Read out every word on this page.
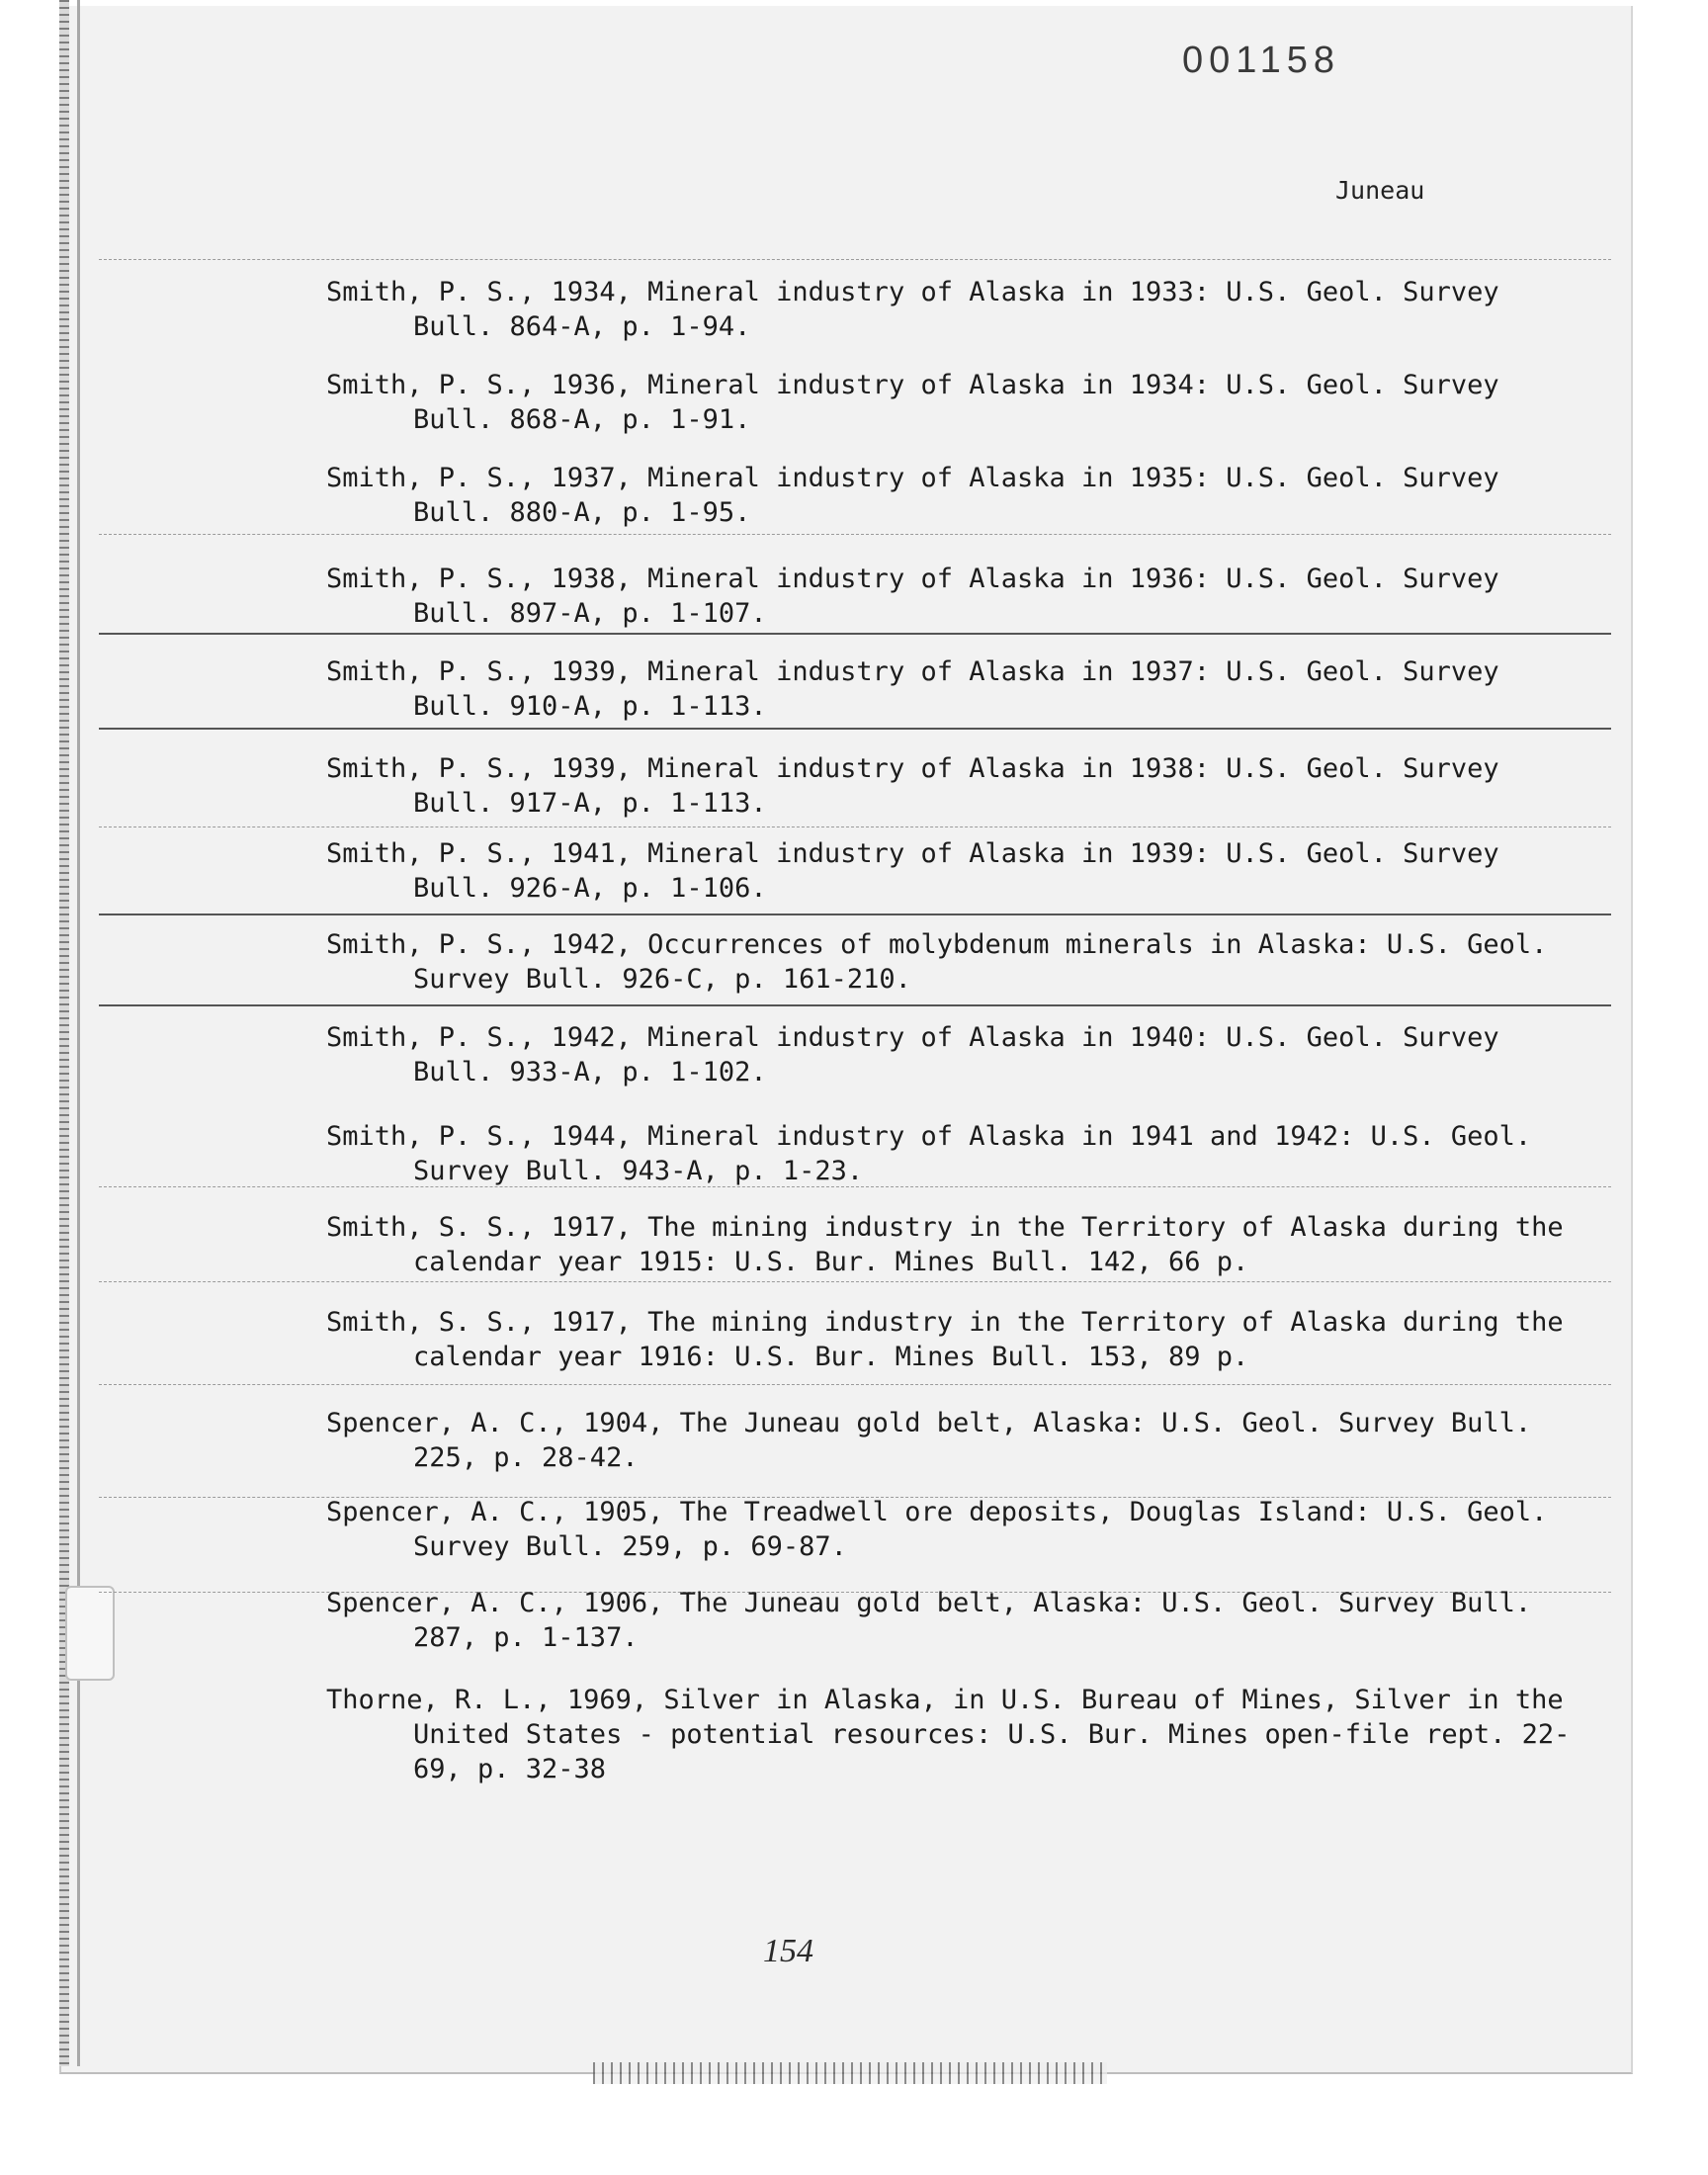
001158
Juneau
Smith, P. S., 1934, Mineral industry of Alaska in 1933: U.S. Geol. Survey Bull. 864-A, p. 1-94.
Smith, P. S., 1936, Mineral industry of Alaska in 1934: U.S. Geol. Survey Bull. 868-A, p. 1-91.
Smith, P. S., 1937, Mineral industry of Alaska in 1935: U.S. Geol. Survey Bull. 880-A, p. 1-95.
Smith, P. S., 1938, Mineral industry of Alaska in 1936: U.S. Geol. Survey Bull. 897-A, p. 1-107.
Smith, P. S., 1939, Mineral industry of Alaska in 1937: U.S. Geol. Survey Bull. 910-A, p. 1-113.
Smith, P. S., 1939, Mineral industry of Alaska in 1938: U.S. Geol. Survey Bull. 917-A, p. 1-113.
Smith, P. S., 1941, Mineral industry of Alaska in 1939: U.S. Geol. Survey Bull. 926-A, p. 1-106.
Smith, P. S., 1942, Occurrences of molybdenum minerals in Alaska: U.S. Geol. Survey Bull. 926-C, p. 161-210.
Smith, P. S., 1942, Mineral industry of Alaska in 1940: U.S. Geol. Survey Bull. 933-A, p. 1-102.
Smith, P. S., 1944, Mineral industry of Alaska in 1941 and 1942: U.S. Geol. Survey Bull. 943-A, p. 1-23.
Smith, S. S., 1917, The mining industry in the Territory of Alaska during the calendar year 1915: U.S. Bur. Mines Bull. 142, 66 p.
Smith, S. S., 1917, The mining industry in the Territory of Alaska during the calendar year 1916: U.S. Bur. Mines Bull. 153, 89 p.
Spencer, A. C., 1904, The Juneau gold belt, Alaska: U.S. Geol. Survey Bull. 225, p. 28-42.
Spencer, A. C., 1905, The Treadwell ore deposits, Douglas Island: U.S. Geol. Survey Bull. 259, p. 69-87.
Spencer, A. C., 1906, The Juneau gold belt, Alaska: U.S. Geol. Survey Bull. 287, p. 1-137.
Thorne, R. L., 1969, Silver in Alaska, in U.S. Bureau of Mines, Silver in the United States - potential resources: U.S. Bur. Mines open-file rept. 22-69, p. 32-38
154
